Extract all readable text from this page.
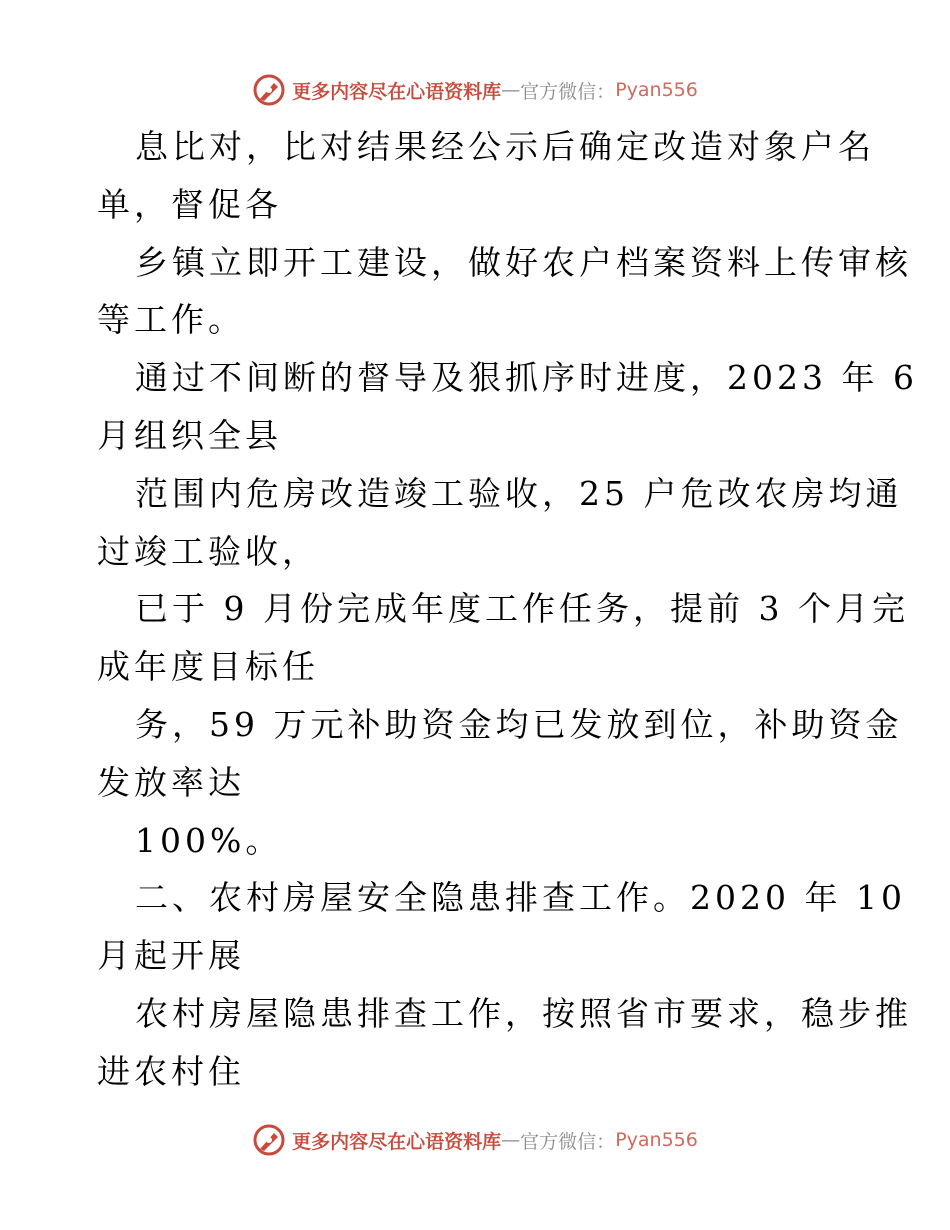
更多内容尽在心语资料库 — 官方微信： Pyan556
息比对，比对结果经公示后确定改造对象户名
单，督促各
乡镇立即开工建设，做好农户档案资料上传审核
等工作。
通过不间断的督导及狠抓序时进度，2023 年 6
月组织全县
范围内危房改造竣工验收，25 户危改农房均通
过竣工验收，
已于 9 月份完成年度工作任务，提前 3 个月完
成年度目标任
务，59 万元补助资金均已发放到位，补助资金
发放率达
100%。
二、农村房屋安全隐患排查工作。2020 年 10
月起开展
农村房屋隐患排查工作，按照省市要求，稳步推
进农村住
更多内容尽在心语资料库 — 官方微信： Pyan556
